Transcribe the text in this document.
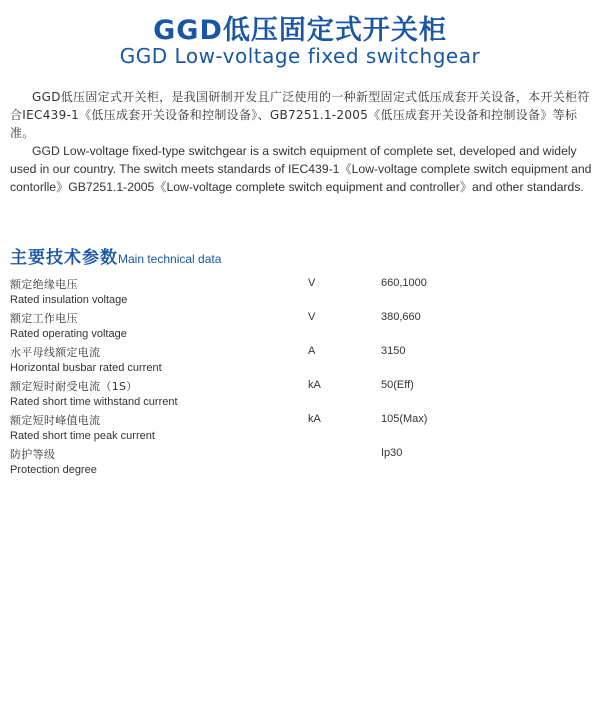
GGD低压固定式开关柜
GGD Low-voltage fixed switchgear

GGD低压固定式开关柜，是我国研制开发且广泛使用的一种新型固定式低压成套开关设备，本开关柜符合IEC439-1《低压成套开关设备和控制设备》、GB7251.1-2005《低压成套开关设备和控制设备》等标准。

GGD Low-voltage fixed-type switchgear is a switch equipment of complete set, developed and widely used in our country. The switch meets standards of IEC439-1《Low-voltage complete switch equipment and contorlle》GB7251.1-2005《Low-voltage complete switch equipment and controller》and other standards.

主要技术参数Main technical data
额定绝缘电压
Rated insulation voltage
V	660,1000
额定工作电压
Rated operating voltage
V	380,660
水平母线额定电流
Horizontal busbar rated current
A	3150
额定短时耐受电流（1S）
Rated short time withstand current
kA	50(Eff)
额定短时峰值电流
Rated short time peak current
kA	105(Max)
防护等级
Protection degree
Ip30
